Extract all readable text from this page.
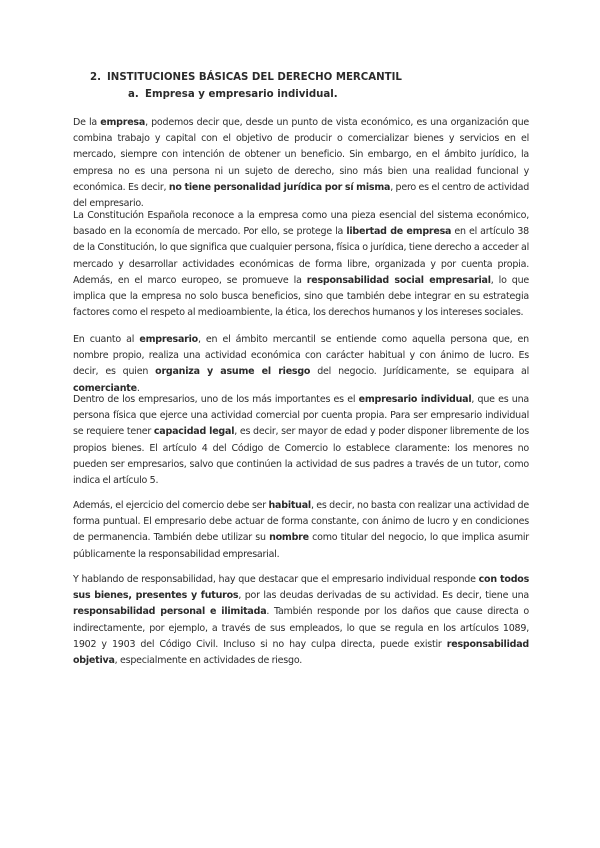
2. INSTITUCIONES BÁSICAS DEL DERECHO MERCANTIL
a. Empresa y empresario individual.

De la empresa, podemos decir que, desde un punto de vista económico, es una organización que combina trabajo y capital con el objetivo de producir o comercializar bienes y servicios en el mercado, siempre con intención de obtener un beneficio. Sin embargo, en el ámbito jurídico, la empresa no es una persona ni un sujeto de derecho, sino más bien una realidad funcional y económica. Es decir, no tiene personalidad jurídica por sí misma, pero es el centro de actividad del empresario.

La Constitución Española reconoce a la empresa como una pieza esencial del sistema económico, basado en la economía de mercado. Por ello, se protege la libertad de empresa en el artículo 38 de la Constitución, lo que significa que cualquier persona, física o jurídica, tiene derecho a acceder al mercado y desarrollar actividades económicas de forma libre, organizada y por cuenta propia. Además, en el marco europeo, se promueve la responsabilidad social empresarial, lo que implica que la empresa no solo busca beneficios, sino que también debe integrar en su estrategia factores como el respeto al medioambiente, la ética, los derechos humanos y los intereses sociales.

En cuanto al empresario, en el ámbito mercantil se entiende como aquella persona que, en nombre propio, realiza una actividad económica con carácter habitual y con ánimo de lucro. Es decir, es quien organiza y asume el riesgo del negocio. Jurídicamente, se equipara al comerciante.

Dentro de los empresarios, uno de los más importantes es el empresario individual, que es una persona física que ejerce una actividad comercial por cuenta propia. Para ser empresario individual se requiere tener capacidad legal, es decir, ser mayor de edad y poder disponer libremente de los propios bienes. El artículo 4 del Código de Comercio lo establece claramente: los menores no pueden ser empresarios, salvo que continúen la actividad de sus padres a través de un tutor, como indica el artículo 5.

Además, el ejercicio del comercio debe ser habitual, es decir, no basta con realizar una actividad de forma puntual. El empresario debe actuar de forma constante, con ánimo de lucro y en condiciones de permanencia. También debe utilizar su nombre como titular del negocio, lo que implica asumir públicamente la responsabilidad empresarial.

Y hablando de responsabilidad, hay que destacar que el empresario individual responde con todos sus bienes, presentes y futuros, por las deudas derivadas de su actividad. Es decir, tiene una responsabilidad personal e ilimitada. También responde por los daños que cause directa o indirectamente, por ejemplo, a través de sus empleados, lo que se regula en los artículos 1089, 1902 y 1903 del Código Civil. Incluso si no hay culpa directa, puede existir responsabilidad objetiva, especialmente en actividades de riesgo.
